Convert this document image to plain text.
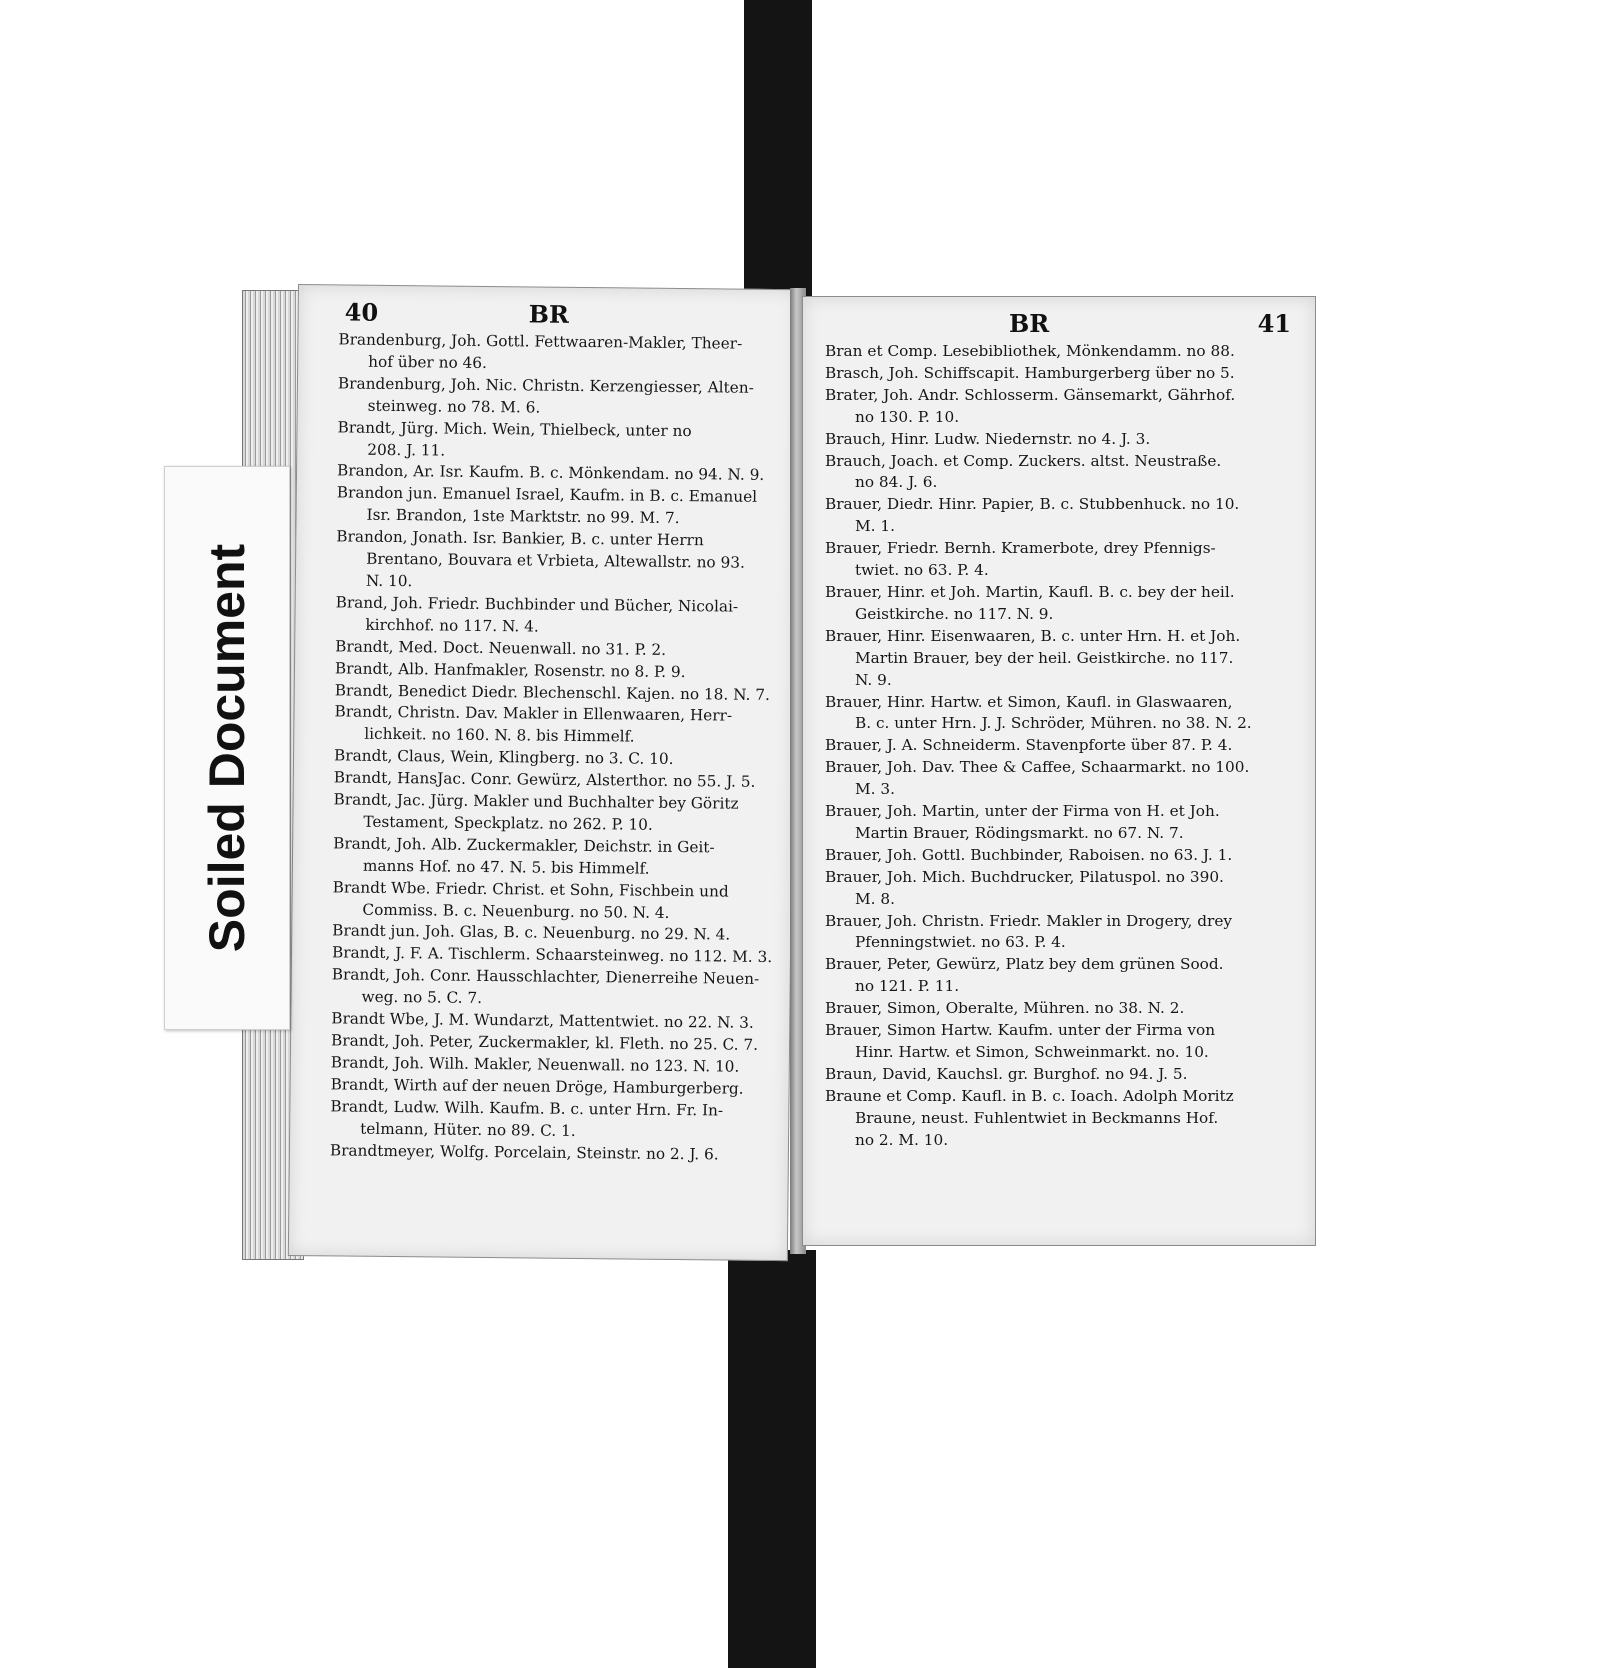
40	BR

Brandenburg, Joh. Gottl. Fettwaaren-Makler, Theer-

hof über no 46.

Brandenburg, Joh. Nic. Christn. Kerzengiesser, Alten-

steinweg. no 78. M. 6.

Brandt, Jürg. Mich. Wein, Thielbeck, unter no

208. J. 11.

Brandon, Ar. Isr. Kaufm. B. c. Mönkendam. no 94. N. 9.

Brandon jun. Emanuel Israel, Kaufm. in B. c. Emanuel

Isr. Brandon, 1ste Marktstr. no 99. M. 7.

Brandon, Jonath. Isr. Bankier, B. c. unter Herrn

Brentano, Bouvara et Vrbieta, Altewallstr. no 93.

N. 10.

Brand, Joh. Friedr. Buchbinder und Bücher, Nicolai-

kirchhof. no 117. N. 4.

Brandt, Med. Doct. Neuenwall. no 31. P. 2.

Brandt, Alb. Hanfmakler, Rosenstr. no 8. P. 9.

Brandt, Benedict Diedr. Blechenschl. Kajen. no 18. N. 7.

Brandt, Christn. Dav. Makler in Ellenwaaren, Herr-

lichkeit. no 160. N. 8. bis Himmelf.

Brandt, Claus, Wein, Klingberg. no 3. C. 10.

Brandt, HansJac. Conr. Gewürz, Alsterthor. no 55. J. 5.

Brandt, Jac. Jürg. Makler und Buchhalter bey Göritz

Testament, Speckplatz. no 262. P. 10.

Brandt, Joh. Alb. Zuckermakler, Deichstr. in Geit-

manns Hof. no 47. N. 5. bis Himmelf.

Brandt Wbe. Friedr. Christ. et Sohn, Fischbein und

Commiss. B. c. Neuenburg. no 50. N. 4.

Brandt jun. Joh. Glas, B. c. Neuenburg. no 29. N. 4.

Brandt, J. F. A. Tischlerm. Schaarsteinweg. no 112. M. 3.

Brandt, Joh. Conr. Hausschlachter, Dienerreihe Neuen-

weg. no 5. C. 7.

Brandt Wbe, J. M. Wundarzt, Mattentwiet. no 22. N. 3.

Brandt, Joh. Peter, Zuckermakler, kl. Fleth. no 25. C. 7.

Brandt, Joh. Wilh. Makler, Neuenwall. no 123. N. 10.

Brandt, Wirth auf der neuen Dröge, Hamburgerberg.

Brandt, Ludw. Wilh. Kaufm. B. c. unter Hrn. Fr. In-

telmann, Hüter. no 89. C. 1.

Brandtmeyer, Wolfg. Porcelain, Steinstr. no 2. J. 6.

BR	41

Bran et Comp. Lesebibliothek, Mönkendamm. no 88.

Brasch, Joh. Schiffscapit. Hamburgerberg über no 5.

Brater, Joh. Andr. Schlosserm. Gänsemarkt, Gährhof.

no 130. P. 10.

Brauch, Hinr. Ludw. Niedernstr. no 4. J. 3.

Brauch, Joach. et Comp. Zuckers. altst. Neustraße.

no 84. J. 6.

Brauer, Diedr. Hinr. Papier, B. c. Stubbenhuck. no 10.

M. 1.

Brauer, Friedr. Bernh. Kramerbote, drey Pfennigs-

twiet. no 63. P. 4.

Brauer, Hinr. et Joh. Martin, Kaufl. B. c. bey der heil.

Geistkirche. no 117. N. 9.

Brauer, Hinr. Eisenwaaren, B. c. unter Hrn. H. et Joh.

Martin Brauer, bey der heil. Geistkirche. no 117.

N. 9.

Brauer, Hinr. Hartw. et Simon, Kaufl. in Glaswaaren,

B. c. unter Hrn. J. J. Schröder, Mühren. no 38. N. 2.

Brauer, J. A. Schneiderm. Stavenpforte über 87. P. 4.

Brauer, Joh. Dav. Thee & Caffee, Schaarmarkt. no 100.

M. 3.

Brauer, Joh. Martin, unter der Firma von H. et Joh.

Martin Brauer, Rödingsmarkt. no 67. N. 7.

Brauer, Joh. Gottl. Buchbinder, Raboisen. no 63. J. 1.

Brauer, Joh. Mich. Buchdrucker, Pilatuspol. no 390.

M. 8.

Brauer, Joh. Christn. Friedr. Makler in Drogery, drey

Pfenningstwiet. no 63. P. 4.

Brauer, Peter, Gewürz, Platz bey dem grünen Sood.

no 121. P. 11.

Brauer, Simon, Oberalte, Mühren. no 38. N. 2.

Brauer, Simon Hartw. Kaufm. unter der Firma von

Hinr. Hartw. et Simon, Schweinmarkt. no. 10.

Braun, David, Kauchsl. gr. Burghof. no 94. J. 5.

Braune et Comp. Kaufl. in B. c. Ioach. Adolph Moritz

Braune, neust. Fuhlentwiet in Beckmanns Hof.

no 2. M. 10.

Soiled Document
